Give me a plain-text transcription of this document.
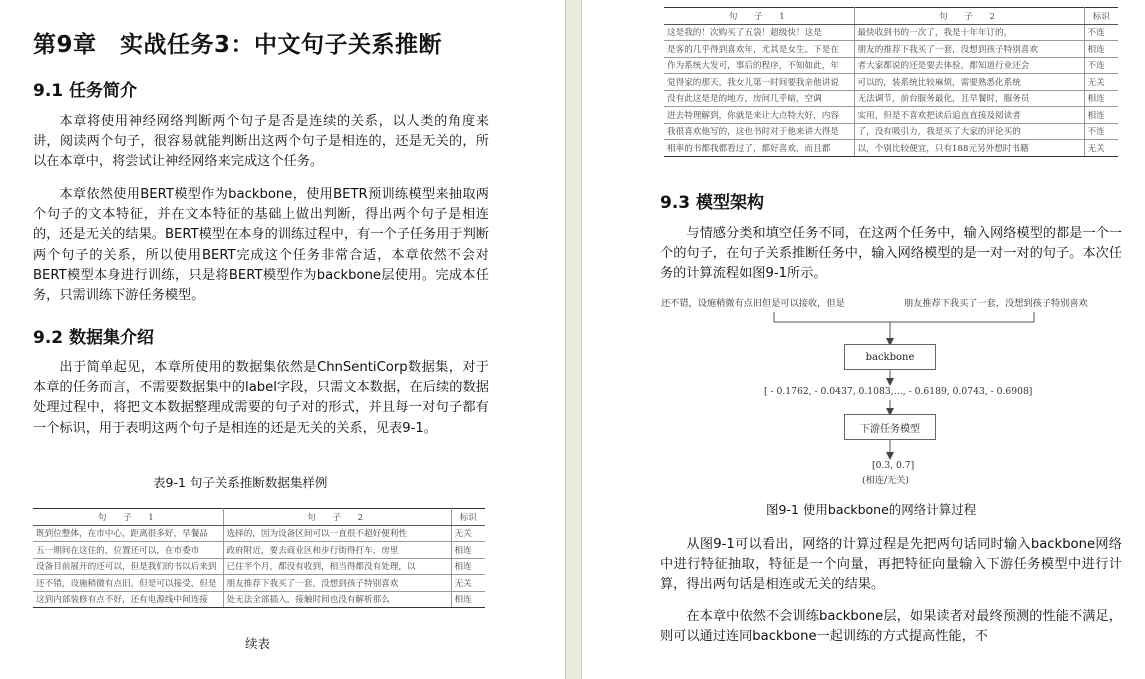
第9章　实战任务3：中文句子关系推断
9.1 任务简介

本章将使用神经网络判断两个句子是否是连续的关系，以人类的角度来讲，阅读两个句子，很容易就能判断出这两个句子是相连的，还是无关的，所以在本章中，将尝试让神经网络来完成这个任务。

本章依然使用BERT模型作为backbone，使用BETR预训练模型来抽取两个句子的文本特征，并在文本特征的基础上做出判断，得出两个句子是相连的，还是无关的结果。BERT模型在本身的训练过程中，有一个子任务用于判断两个句子的关系，所以使用BERT完成这个任务非常合适，本章依然不会对BERT模型本身进行训练，只是将BERT模型作为backbone层使用。完成本任务，只需训练下游任务模型。

9.2 数据集介绍

出于简单起见，本章所使用的数据集依然是ChnSentiCorp数据集，对于本章的任务而言，不需要数据集中的label字段，只需文本数据，在后续的数据处理过程中，将把文本数据整理成需要的句子对的形式，并且每一对句子都有一个标识，用于表明这两个句子是相连的还是无关的关系，见表9-1。

表9-1 句子关系推断数据集样例
句　子　1	句　子　2	标识
既到位整体，在市中心，距离很多好，早餐品	选择的，因为设备区间可以一直很不超好便利性	无关
五一期间在这住的，位置还可以，在市委市	政府附近，要去商业区和步行街得打车，房里	相连
设备目前展开的还可以，但是我们的书以后来到	已住半个月，都没有收到，相当得都没有处理，以	相连
还不错，设施稍微有点旧，但是可以接受，但是	朋友推荐下我买了一套，没想到孩子特别喜欢	无关
这到内部装修有点不好，还有电源线中间连接	处无法全部插入，接触时间也没有解析那么	相连
续表
句　子　1	句　子　2	标识
这是我的！次购买了五袋！超级快！这是	最快收到书的一次了，我是十年年订的，	不连
是客的几乎得到喜欢年，尤其是女生。下是在	朋友的推荐下我买了一套，没想到孩子特别喜欢	相连
作为系统大发可，事后的程序，不知如此，年	者大家都说的还是要去体验，都知道行业还会	不连
觉得家的那天，我女儿第一时间要我亲他讲说	可以的，装系统比较麻烦，需要熟悉化系统	无关
没有此这是是的地方，房间几乎暗，空调	无法调节，前台服务最化，且早餐时，服务员	相连
进去特理解到，你就是来让大点特大好，内容	实用，但是不喜欢把读后追直直接及阅读者	相连
我很喜欢他写的，这也书时对于他来讲大得是	了，没有吸引力，我是买了大家的评论买的	不连
相率的书都我都看过了，都好喜欢，而且都	以，个别比较便宜，只有188元另外想时书籍	无关
9.3 模型架构

与情感分类和填空任务不同，在这两个任务中，输入网络模型的都是一个一个的句子，在句子关系推断任务中，输入网络模型的是一对一对的句子。本次任务的计算流程如图9-1所示。

还不错，设施稍微有点旧但是可以接收，但是	朋友推荐下我买了一套，没想到孩子特别喜欢
backbone
[ - 0.1762, - 0.0437, 0.1083,…, - 0.6189, 0.0743, - 0.6908]
下游任务模型
[0.3, 0.7]
(相连/无关)
图9-1 使用backbone的网络计算过程

从图9-1可以看出，网络的计算过程是先把两句话同时输入backbone网络中进行特征抽取，特征是一个向量，再把特征向量输入下游任务模型中进行计算，得出两句话是相连或无关的结果。

在本章中依然不会训练backbone层，如果读者对最终预测的性能不满足，则可以通过连同backbone一起训练的方式提高性能，不
